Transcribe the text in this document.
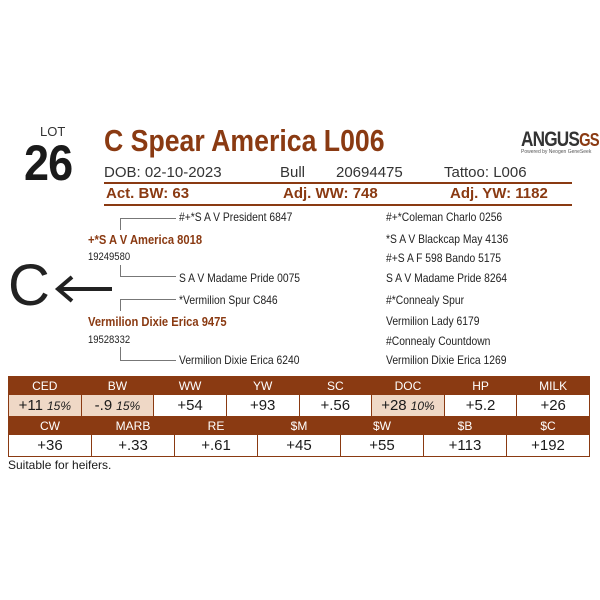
LOT
26 C Spear America L006	ANGUSGS
Powered by Neogen GeneSeek
DOB: 02-10-2023	Bull 20694475	Tattoo: L006
Act. BW: 63	Adj. WW: 748	Adj. YW: 1182
C
#+*S A V President 6847
+*S A V America 8018
19249580
S A V Madame Pride 0075
*Vermilion Spur C846
Vermilion Dixie Erica 9475
19528332
Vermilion Dixie Erica 6240
#+*Coleman Charlo 0256
*S A V Blackcap May 4136
#+S A F 598 Bando 5175
S A V Madame Pride 8264
#*Connealy Spur
Vermilion Lady 6179
#Connealy Countdown
Vermilion Dixie Erica 1269
CED	BW	WW	YW	SC	DOC	HP	MILK
+11 15%	-.9 15%	+54	+93	+.56	+28 10%	+5.2	+26
CW	MARB	RE	$M	$W	$B	$C
+36	+.33	+.61	+45	+55	+113	+192
Suitable for heifers.
